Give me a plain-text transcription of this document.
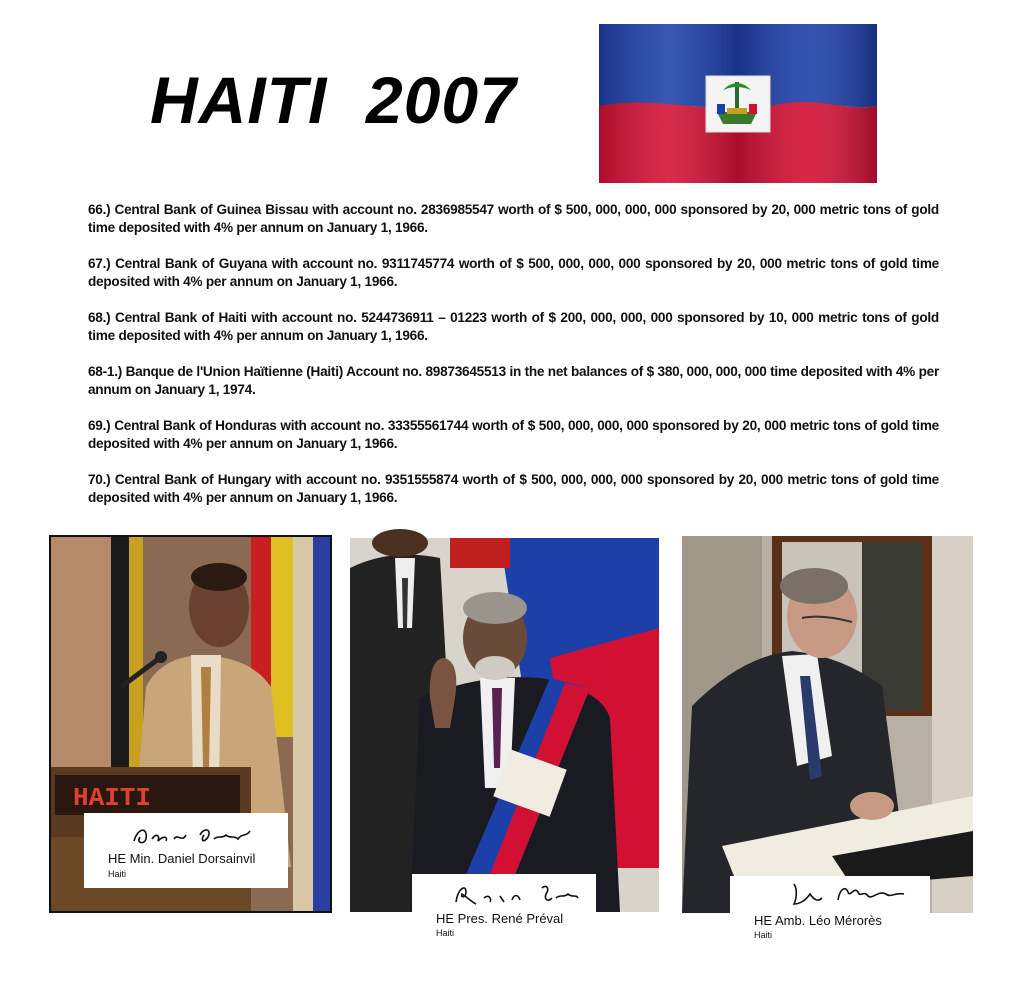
HAITI  2007
66.) Central Bank of Guinea Bissau with account no. 2836985547 worth of $ 500, 000, 000, 000 sponsored by 20, 000 metric tons of gold time deposited with 4% per annum on January 1, 1966.
67.) Central Bank of Guyana with account no. 9311745774 worth of $ 500, 000, 000, 000 sponsored by 20, 000 metric tons of gold time deposited with 4% per annum on January 1, 1966.
68.) Central Bank of Haiti with account no. 5244736911 – 01223 worth of $ 200, 000, 000, 000 sponsored by 10, 000 metric tons of gold time deposited with 4% per annum on January 1, 1966.
68-1.) Banque de l'Union Haïtienne (Haiti) Account no. 89873645513 in the net balances of $ 380, 000, 000, 000 time deposited with 4% per annum on January 1, 1974.
69.) Central Bank of Honduras with account no. 33355561744 worth of $ 500, 000, 000, 000 sponsored by 20, 000 metric tons of gold time deposited with 4% per annum on January 1, 1966.
70.) Central Bank of Hungary with account no. 9351555874 worth of $ 500, 000, 000, 000 sponsored by 20, 000 metric tons of gold time deposited with 4% per annum on January 1, 1966.
HAITI
HE Min. Daniel Dorsainvil
Haiti
HE Pres. René Préval
Haiti
HE Amb. Léo Mérorès
Haiti
